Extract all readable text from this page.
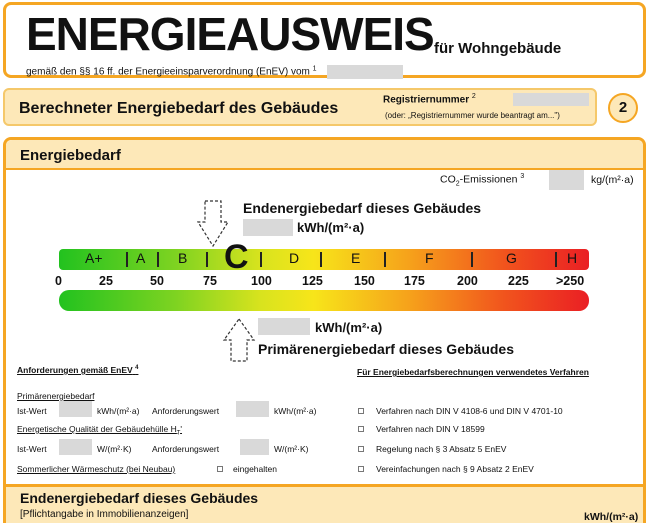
ENERGIEAUSWEIS für Wohngebäude
gemäß den §§ 16 ff. der Energieeinsparverordnung (EnEV) vom $^1$
Berechneter Energiebedarf des Gebäudes
Registriernummer $^2$
(oder: „Registriernummer wurde beantragt am...")	2
Energiebedarf
$CO_2$-Emissionen $^3$	kg/(m²·a)
Endenergiebedarf dieses Gebäudes
kWh/(m²·a)
A+ A B	D	E	F	G	H
C
0	25	50	75	100 125 150 175	200 225 >250
kWh/(m²·a)
Primärenergiebedarf dieses Gebäudes
Anforderungen gemäß EnEV $^4$
Primärenergiebedarf
Ist-Wert	kWh/(m²·a) Anforderungswert	kWh/(m²·a)
Energetische Qualität der Gebäudehülle $H_T'$
Ist-Wert	W/(m²·K) Anforderungswert	W/(m²·K)
Sommerlicher Wärmeschutz (bei Neubau)	eingehalten
Für Energiebedarfsberechnungen verwendetes Verfahren
Verfahren nach DIN V 4108-6 und DIN V 4701-10
Verfahren nach DIN V 18599
Regelung nach § 3 Absatz 5 EnEV
Vereinfachungen nach § 9 Absatz 2 EnEV
Endenergiebedarf dieses Gebäudes
[Pflichtangabe in Immobilienanzeigen]	kWh/(m²·a)
